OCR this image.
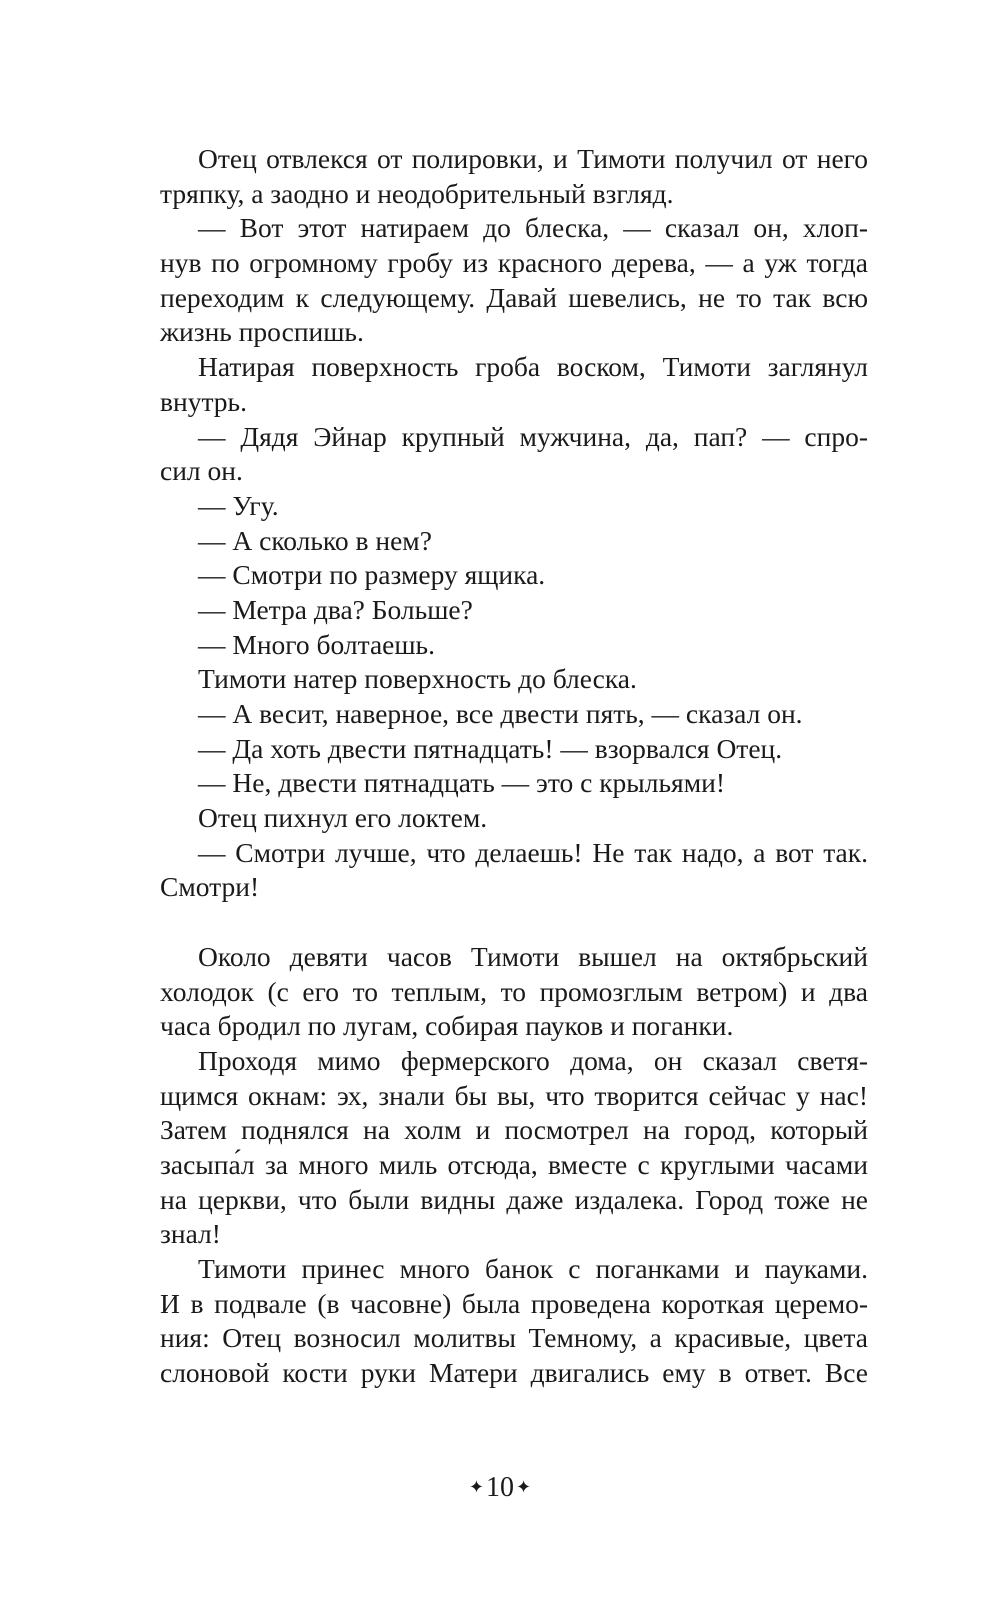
Отец отвлекся от полировки, и Тимоти получил от него
тряпку, а заодно и неодобрительный взгляд.
— Вот этот натираем до блеска, — сказал он, хлоп-
нув по огромному гробу из красного дерева, — а уж тогда
переходим к следующему. Давай шевелись, не то так всю
жизнь проспишь.
Натирая поверхность гроба воском, Тимоти заглянул
внутрь.
— Дядя Эйнар крупный мужчина, да, пап? — спро-
сил он.
— Угу.
— А сколько в нем?
— Смотри по размеру ящика.
— Метра два? Больше?
— Много болтаешь.
Тимоти натер поверхность до блеска.
— А весит, наверное, все двести пять, — сказал он.
— Да хоть двести пятнадцать! — взорвался Отец.
— Не, двести пятнадцать — это с крыльями!
Отец пихнул его локтем.
— Смотри лучше, что делаешь! Не так надо, а вот так.
Смотри!
Около девяти часов Тимоти вышел на октябрьский
холодок (с его то теплым, то промозглым ветром) и два
часа бродил по лугам, собирая пауков и поганки.
Проходя мимо фермерского дома, он сказал светя-
щимся окнам: эх, знали бы вы, что творится сейчас у нас!
Затем поднялся на холм и посмотрел на город, который
засыпа́л за много миль отсюда, вместе с круглыми часами
на церкви, что были видны даже издалека. Город тоже не
знал!
Тимоти принес много банок с поганками и пауками.
И в подвале (в часовне) была проведена короткая церемо-
ния: Отец возносил молитвы Темному, а красивые, цвета
слоновой кости руки Матери двигались ему в ответ. Все
✦10 ✦
